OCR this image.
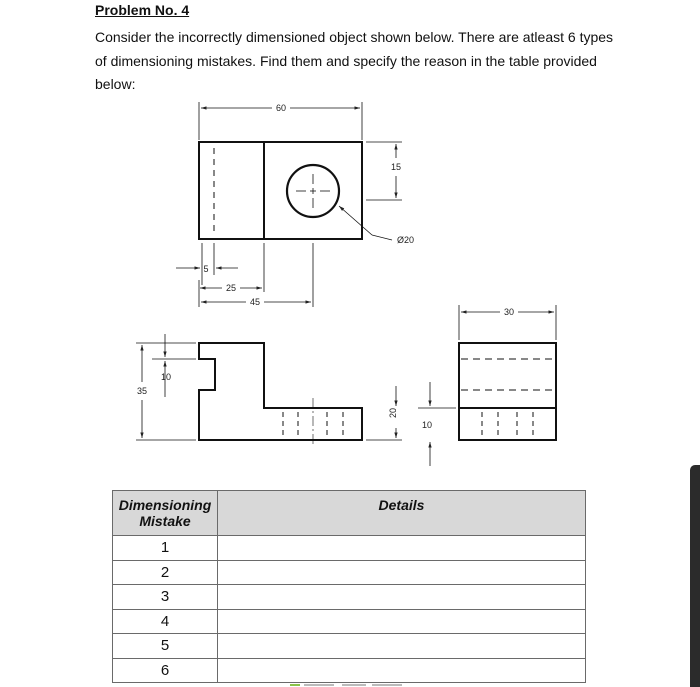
Problem No. 4
Consider the incorrectly dimensioned object shown below. There are atleast 6 types of dimensioning mistakes. Find them and specify the reason in the table provided below:
60
15
Ø20
5
25
45
30
35
10
20
10
Dimensioning
Mistake	Details
1	
2	
3	
4	
5	
6	
